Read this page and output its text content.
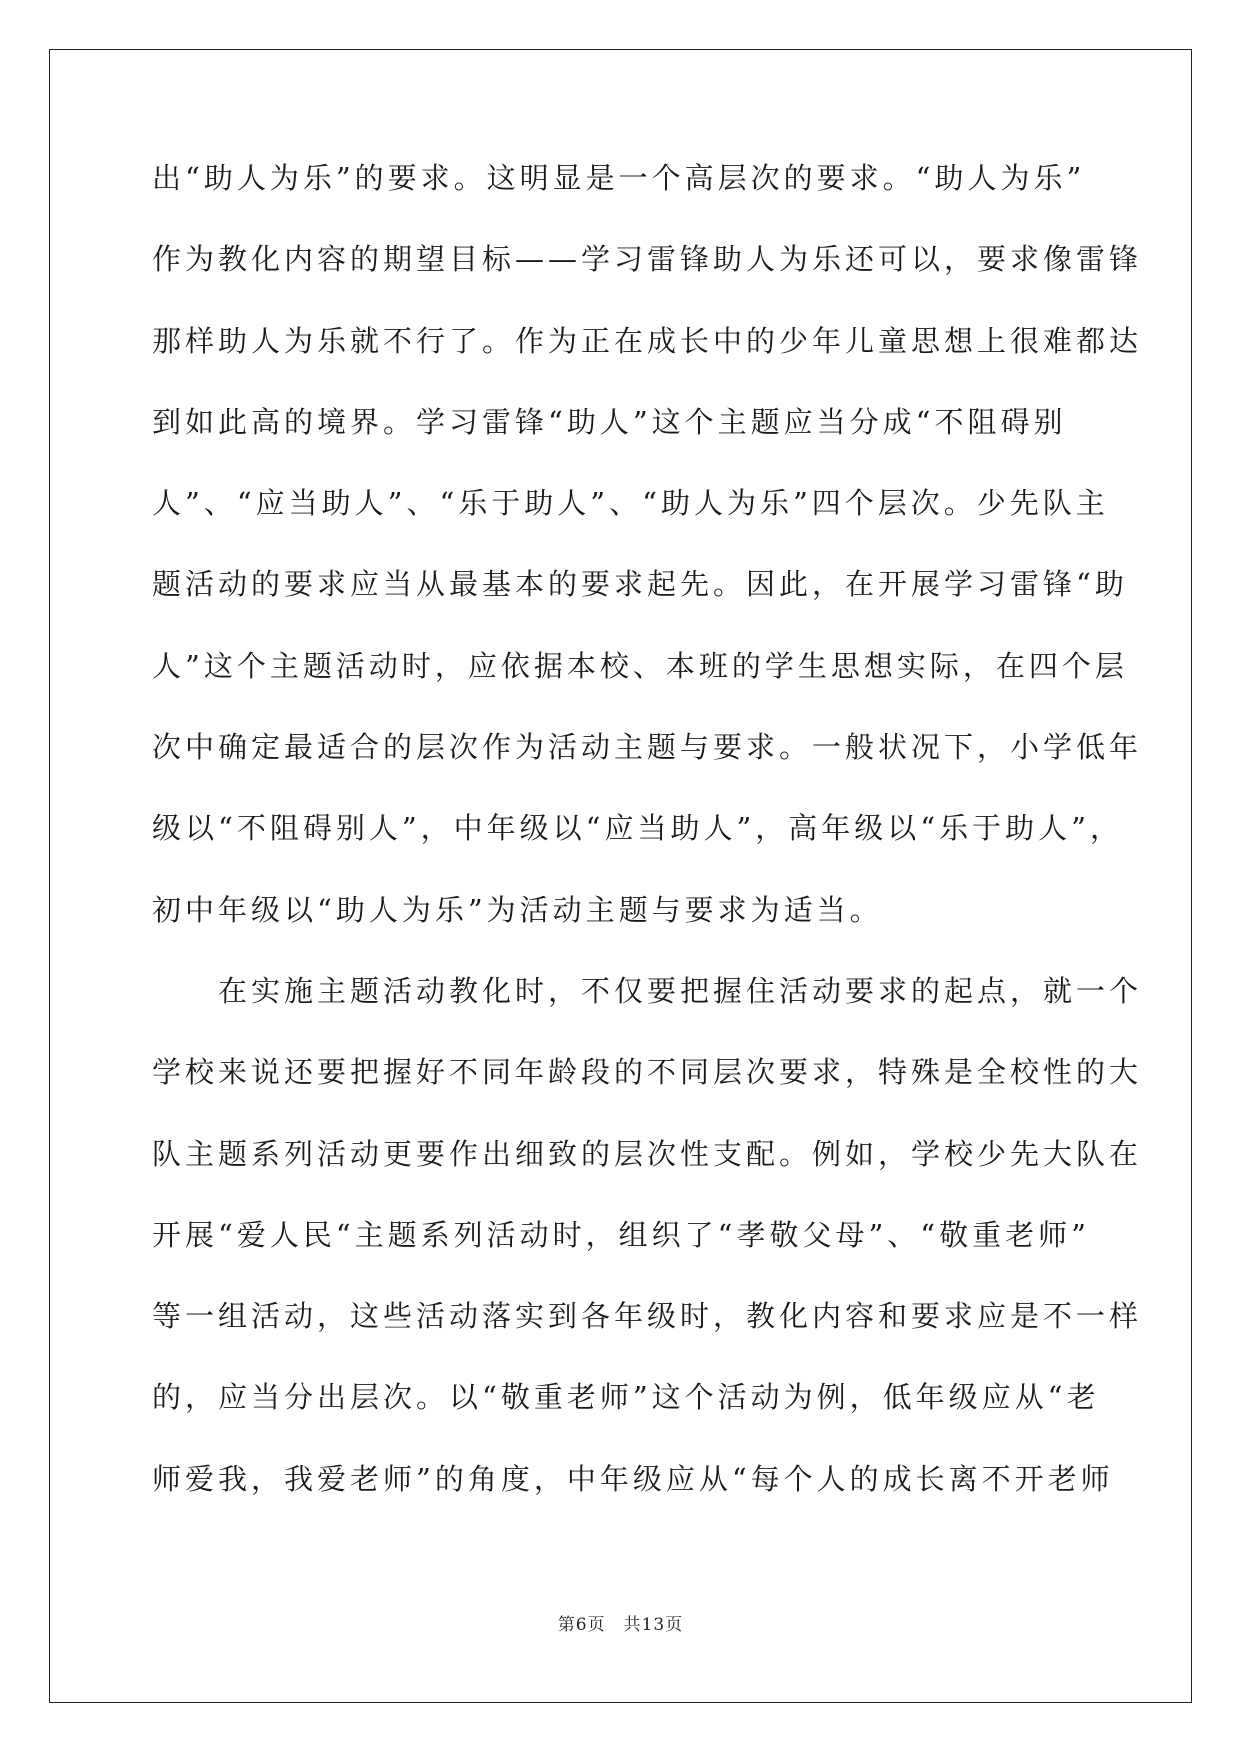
出“助人为乐”的要求。这明显是一个高层次的要求。“助人为乐”
作为教化内容的期望目标——学习雷锋助人为乐还可以，要求像雷锋
那样助人为乐就不行了。作为正在成长中的少年儿童思想上很难都达
到如此高的境界。学习雷锋“助人”这个主题应当分成“不阻碍别
人”、“应当助人”、“乐于助人”、“助人为乐”四个层次。少先队主
题活动的要求应当从最基本的要求起先。因此，在开展学习雷锋“助
人”这个主题活动时，应依据本校、本班的学生思想实际，在四个层
次中确定最适合的层次作为活动主题与要求。一般状况下，小学低年
级以“不阻碍别人”，中年级以“应当助人”，高年级以“乐于助人”，
初中年级以“助人为乐”为活动主题与要求为适当。
　　在实施主题活动教化时，不仅要把握住活动要求的起点，就一个
学校来说还要把握好不同年龄段的不同层次要求，特殊是全校性的大
队主题系列活动更要作出细致的层次性支配。例如，学校少先大队在
开展“爱人民“主题系列活动时，组织了“孝敬父母”、“敬重老师”
等一组活动，这些活动落实到各年级时，教化内容和要求应是不一样
的，应当分出层次。以“敬重老师”这个活动为例，低年级应从“老
师爱我，我爱老师”的角度，中年级应从“每个人的成长离不开老师
第6页　共13页
